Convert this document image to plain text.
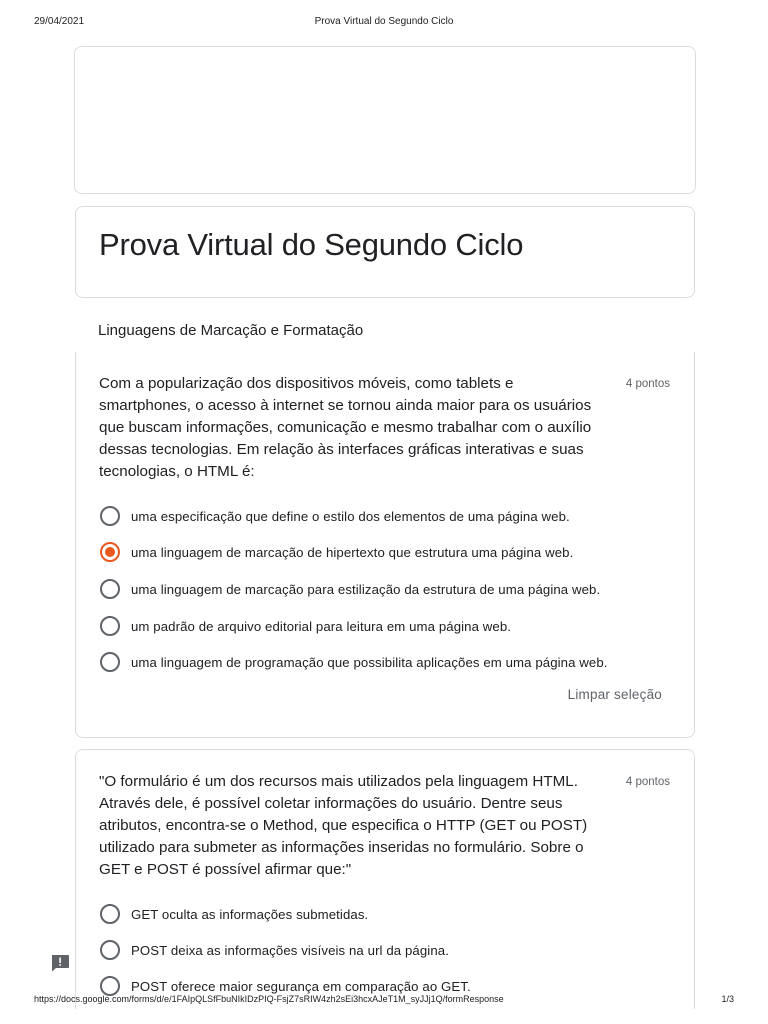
29/04/2021	Prova Virtual do Segundo Ciclo
Prova Virtual do Segundo Ciclo
Linguagens de Marcação e Formatação
Com a popularização dos dispositivos móveis, como tablets e smartphones, o acesso à internet se tornou ainda maior para os usuários que buscam informações, comunicação e mesmo trabalhar com o auxílio dessas tecnologias. Em relação às interfaces gráficas interativas e suas tecnologias, o HTML é:
4 pontos
uma especificação que define o estilo dos elementos de uma página web.
uma linguagem de marcação de hipertexto que estrutura uma página web.
uma linguagem de marcação para estilização da estrutura de uma página web.
um padrão de arquivo editorial para leitura em uma página web.
uma linguagem de programação que possibilita aplicações em uma página web.
Limpar seleção
"O formulário é um dos recursos mais utilizados pela linguagem HTML. Através dele, é possível coletar informações do usuário. Dentre seus atributos, encontra-se o Method, que especifica o HTTP (GET ou POST) utilizado para submeter as informações inseridas no formulário. Sobre o GET e POST é possível afirmar que:"
4 pontos
GET oculta as informações submetidas.
POST deixa as informações visíveis na url da página.
POST oferece maior segurança em comparação ao GET.
https://docs.google.com/forms/d/e/1FAIpQLSfFbuNIkIDzPIQ-FsjZ7sRIW4zh2sEi3hcxAJeT1M_syJJj1Q/formResponse	1/3
